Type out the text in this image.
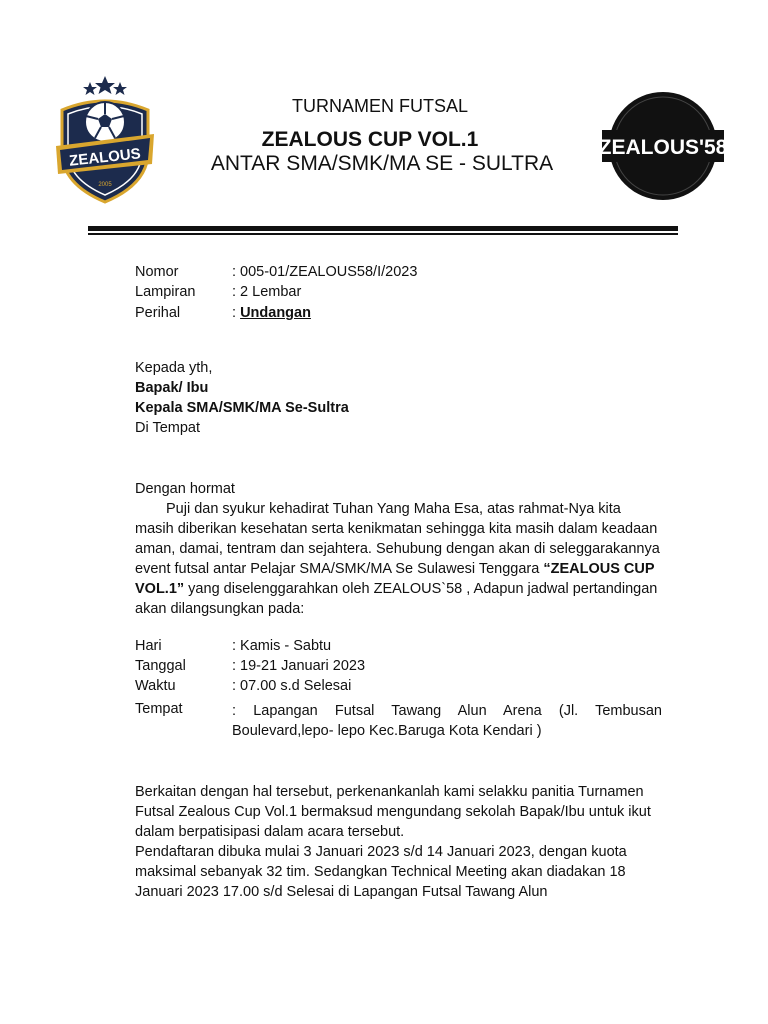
ZEALOUS
2005
TURNAMEN FUTSAL
ZEALOUS CUP VOL.1
ANTAR SMA/SMK/MA SE - SULTRA
ZEALOUS'58
Nomor	: 005-01/ZEALOUS58/I/2023
Lampiran	: 2 Lembar
Perihal	: Undangan

Kepada yth,

Bapak/ Ibu

Kepala SMA/SMK/MA Se-Sultra

Di Tempat

Dengan hormat

Puji dan syukur kehadirat Tuhan Yang Maha Esa, atas rahmat-Nya kita masih diberikan kesehatan serta kenikmatan sehingga kita masih dalam keadaan aman, damai, tentram dan sejahtera. Sehubung dengan akan di seleggarakannya event futsal antar Pelajar SMA/SMK/MA Se Sulawesi Tenggara “ZEALOUS CUP VOL.1” yang diselenggarahkan oleh ZEALOUS`58 , Adapun jadwal pertandingan akan dilangsungkan pada:

Hari	: Kamis - Sabtu
Tanggal	: 19-21 Januari 2023
Waktu	: 07.00 s.d Selesai
Tempat	: Lapangan Futsal Tawang Alun Arena (Jl. Tembusan Boulevard,lepo- lepo Kec.Baruga Kota Kendari )

Berkaitan dengan hal tersebut, perkenankanlah kami selakku panitia Turnamen Futsal Zealous Cup Vol.1 bermaksud mengundang sekolah Bapak/Ibu untuk ikut dalam berpatisipasi dalam acara tersebut.

Pendaftaran dibuka mulai 3 Januari 2023 s/d 14 Januari 2023, dengan kuota maksimal sebanyak 32 tim. Sedangkan Technical Meeting akan diadakan 18 Januari 2023 17.00 s/d Selesai di Lapangan Futsal Tawang Alun
